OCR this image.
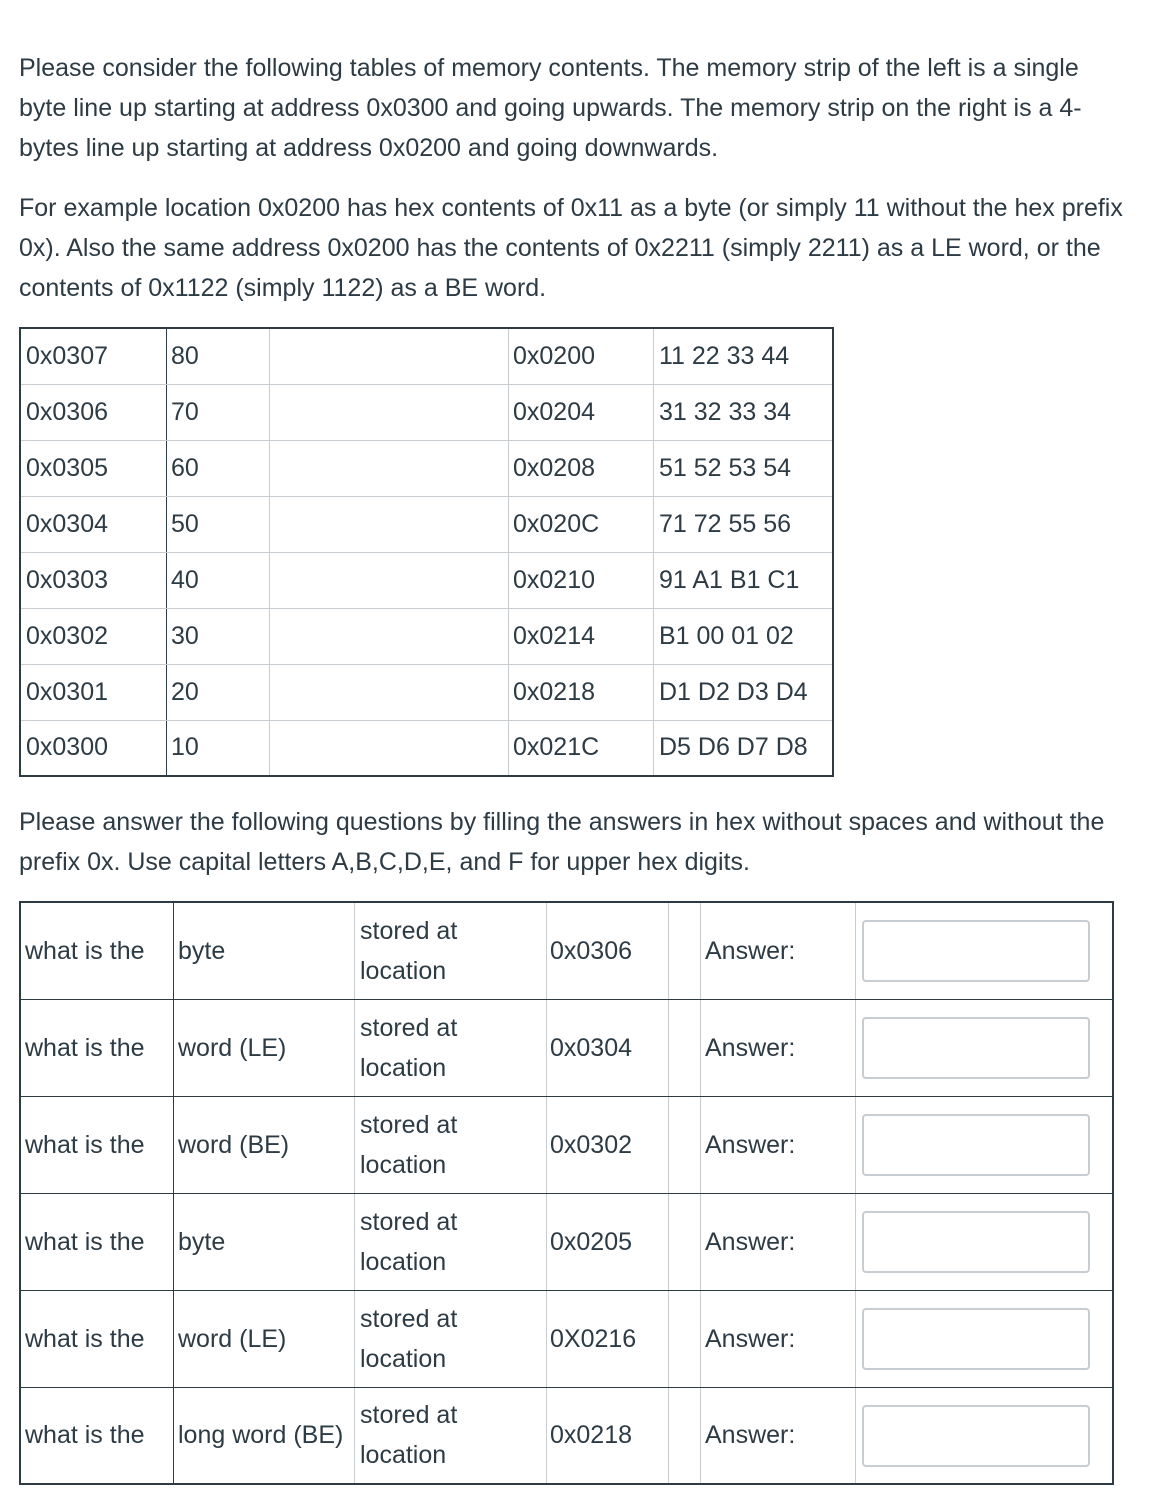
Please consider the following tables of memory contents. The memory strip of the left is a single byte line up starting at address 0x0300 and going upwards. The memory strip on the right is a 4-bytes line up starting at address 0x0200 and going downwards.

For example location 0x0200 has hex contents of 0x11 as a byte (or simply 11 without the hex prefix 0x). Also the same address 0x0200 has the contents of 0x2211 (simply 2211) as a LE word, or the contents of 0x1122 (simply 1122) as a BE word.

0x0307	80		0x0200	11 22 33 44
0x0306	70		0x0204	31 32 33 34
0x0305	60		0x0208	51 52 53 54
0x0304	50		0x020C	71 72 55 56
0x0303	40		0x0210	91 A1 B1 C1
0x0302	30		0x0214	B1 00 01 02
0x0301	20		0x0218	D1 D2 D3 D4
0x0300	10		0x021C	D5 D6 D7 D8

Please answer the following questions by filling the answers in hex without spaces and without the prefix 0x. Use capital letters A,B,C,D,E, and F for upper hex digits.

what is the	byte	stored at location	0x0306		Answer:	

what is the	word (LE)	stored at location	0x0304		Answer:	

what is the	word (BE)	stored at location	0x0302		Answer:	

what is the	byte	stored at location	0x0205		Answer:	

what is the	word (LE)	stored at location	0X0216		Answer:	

what is the	long word (BE)	stored at location	0x0218		Answer:	
